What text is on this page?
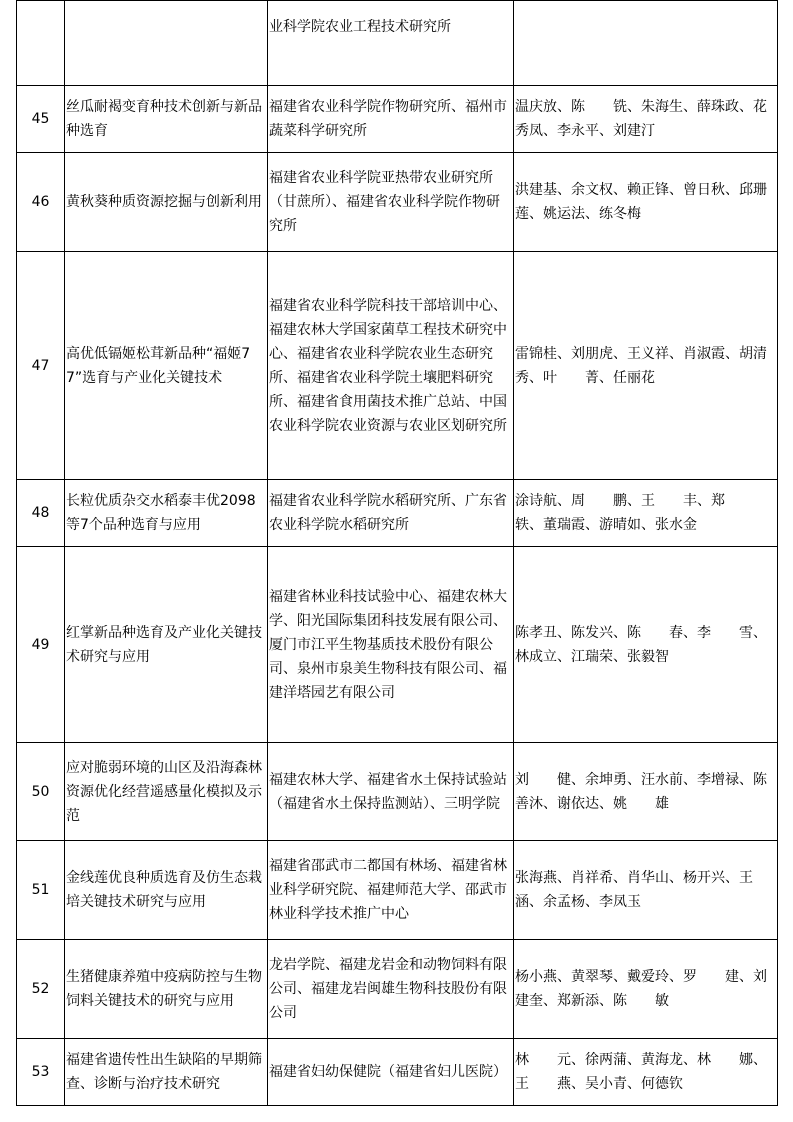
		业科学院农业工程技术研究所	

45	丝瓜耐褐变育种技术创新与新品种选育	福建省农业科学院作物研究所、福州市蔬菜科学研究所	温庆放、陈　　铣、朱海生、薛珠政、花秀凤、李永平、刘建汀

46	黄秋葵种质资源挖掘与创新利用	福建省农业科学院亚热带农业研究所（甘蔗所）、福建省农业科学院作物研究所	洪建基、余文权、赖正锋、曾日秋、邱珊莲、姚运法、练冬梅

47	高优低镉姬松茸新品种“福姬77”选育与产业化关键技术	福建省农业科学院科技干部培训中心、福建农林大学国家菌草工程技术研究中心、福建省农业科学院农业生态研究所、福建省农业科学院土壤肥料研究所、福建省食用菌技术推广总站、中国农业科学院农业资源与农业区划研究所	雷锦桂、刘朋虎、王义祥、肖淑霞、胡清秀、叶　　菁、任丽花

48	长粒优质杂交水稻泰丰优2098等7个品种选育与应用	福建省农业科学院水稻研究所、广东省农业科学院水稻研究所	涂诗航、周　　鹏、王　　丰、郑　　轶、董瑞霞、游晴如、张水金

49	红掌新品种选育及产业化关键技术研究与应用	福建省林业科技试验中心、福建农林大学、阳光国际集团科技发展有限公司、厦门市江平生物基质技术股份有限公司、泉州市泉美生物科技有限公司、福建洋塔园艺有限公司	陈孝丑、陈发兴、陈　　春、李　　雪、林成立、江瑞荣、张毅智

50	应对脆弱环境的山区及沿海森林资源优化经营遥感量化模拟及示范	福建农林大学、福建省水土保持试验站（福建省水土保持监测站）、三明学院	刘　　健、余坤勇、汪水前、李增禄、陈善沐、谢依达、姚　　雄

51	金线莲优良种质选育及仿生态栽培关键技术研究与应用	福建省邵武市二都国有林场、福建省林业科学研究院、福建师范大学、邵武市林业科学技术推广中心	张海燕、肖祥希、肖华山、杨开兴、王　　涵、余孟杨、李凤玉

52	生猪健康养殖中疫病防控与生物饲料关键技术的研究与应用	龙岩学院、福建龙岩金和动物饲料有限公司、福建龙岩闽雄生物科技股份有限公司	杨小燕、黄翠琴、戴爱玲、罗　　建、刘建奎、郑新添、陈　　敏

53	福建省遗传性出生缺陷的早期筛查、诊断与治疗技术研究	福建省妇幼保健院（福建省妇儿医院）	林　　元、徐两蒲、黄海龙、林　　娜、王　　燕、吴小青、何德钦
